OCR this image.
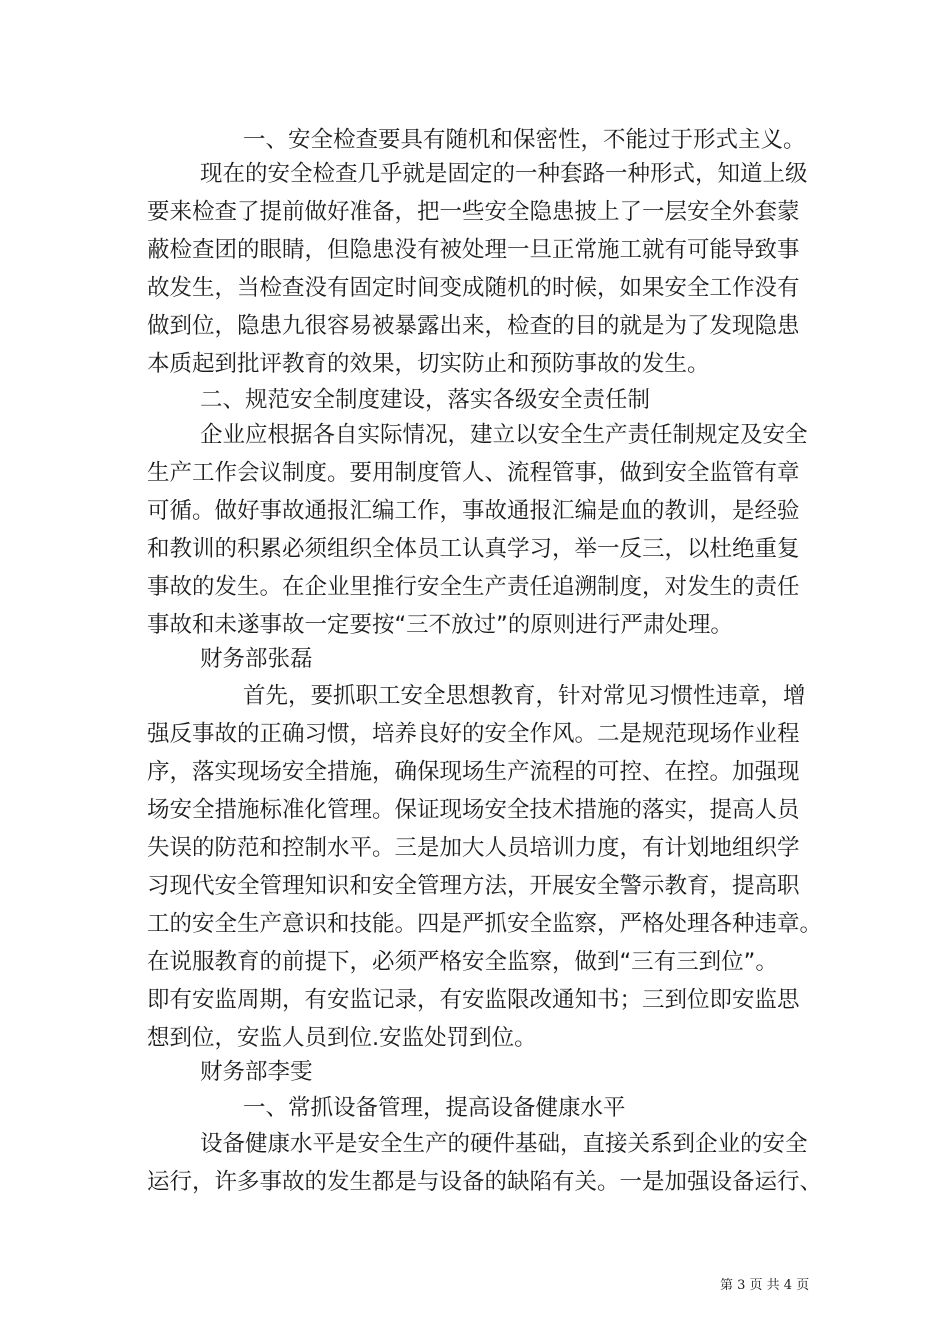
一、安全检查要具有随机和保密性，不能过于形式主义。
现在的安全检查几乎就是固定的一种套路一种形式，知道上级
要来检查了提前做好准备，把一些安全隐患披上了一层安全外套蒙
蔽检查团的眼睛，但隐患没有被处理一旦正常施工就有可能导致事
故发生，当检查没有固定时间变成随机的时候，如果安全工作没有
做到位，隐患九很容易被暴露出来，检查的目的就是为了发现隐患
本质起到批评教育的效果，切实防止和预防事故的发生。
二、规范安全制度建设，落实各级安全责任制
企业应根据各自实际情况，建立以安全生产责任制规定及安全
生产工作会议制度。要用制度管人、流程管事，做到安全监管有章
可循。做好事故通报汇编工作，事故通报汇编是血的教训，是经验
和教训的积累必须组织全体员工认真学习，举一反三，以杜绝重复
事故的发生。在企业里推行安全生产责任追溯制度，对发生的责任
事故和未遂事故一定要按“三不放过”的原则进行严肃处理。
财务部张磊
首先，要抓职工安全思想教育，针对常见习惯性违章，增
强反事故的正确习惯，培养良好的安全作风。二是规范现场作业程
序，落实现场安全措施，确保现场生产流程的可控、在控。加强现
场安全措施标准化管理。保证现场安全技术措施的落实，提高人员
失误的防范和控制水平。三是加大人员培训力度，有计划地组织学
习现代安全管理知识和安全管理方法，开展安全警示教育，提高职
工的安全生产意识和技能。四是严抓安全监察，严格处理各种违章。
在说服教育的前提下，必须严格安全监察，做到“三有三到位”。
即有安监周期，有安监记录，有安监限改通知书；三到位即安监思
想到位，安监人员到位.安监处罚到位。
财务部李雯
一、常抓设备管理，提高设备健康水平
设备健康水平是安全生产的硬件基础，直接关系到企业的安全
运行，许多事故的发生都是与设备的缺陷有关。一是加强设备运行、
第 3 页 共 4 页
